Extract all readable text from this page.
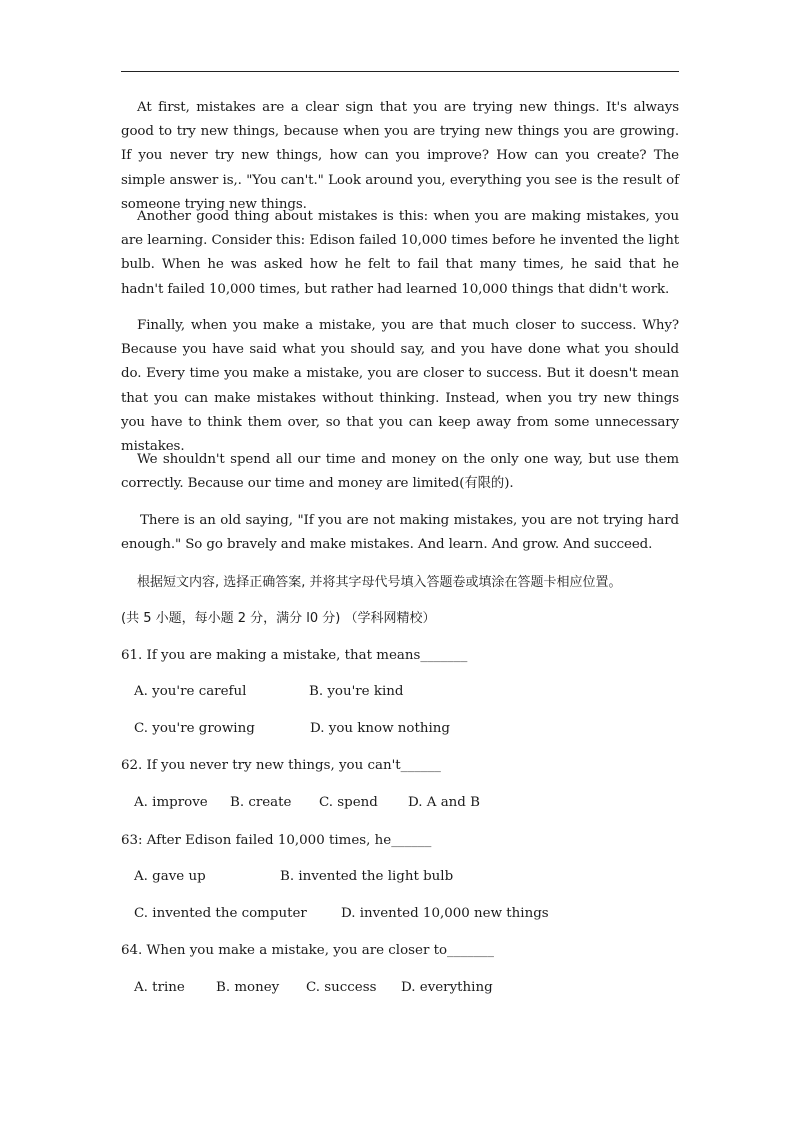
At first, mistakes are a clear sign that you are trying new things. It's always good to try new things, because when you are trying new things you are growing. If you never try new things, how can you improve? How can you create? The simple answer is,. "You can't." Look around you, everything you see is the result of someone trying new things.

Another good thing about mistakes is this: when you are making mistakes, you are learning. Consider this: Edison failed 10,000 times before he invented the light bulb. When he was asked how he felt to fail that many times, he said that he hadn't failed 10,000 times, but rather had learned 10,000 things that didn't work.

Finally, when you make a mistake, you are that much closer to success. Why? Because you have said what you should say, and you have done what you should do. Every time you make a mistake, you are closer to success. But it doesn't mean that you can make mistakes without thinking. Instead, when you try new things you have to think them over, so that you can keep away from some unnecessary mistakes.

We shouldn't spend all our time and money on the only one way, but use them correctly. Because our time and money are limited(有限的).

There is an old saying, "If you are not making mistakes, you are not trying hard enough." So go bravely and make mistakes. And learn. And grow. And succeed.

根据短文内容, 选择正确答案, 并将其字母代号填入答题卷或填涂在答题卡相应位置。

(共 5 小题，每小题 2 分，满分 l0 分) （学科网精校）

61. If you are making a mistake, that means_______

A. you're careful	B. you're kind

C. you're growing	D. you know nothing

62. If you never try new things, you can't______

A. improve B. create C. spend D. A and B

63: After Edison failed 10,000 times, he______

A. gave up	B. invented the light bulb

C. invented the computer	D. invented 10,000 new things

64. When you make a mistake, you are closer to_______

A. trine B. money C. success D. everything
